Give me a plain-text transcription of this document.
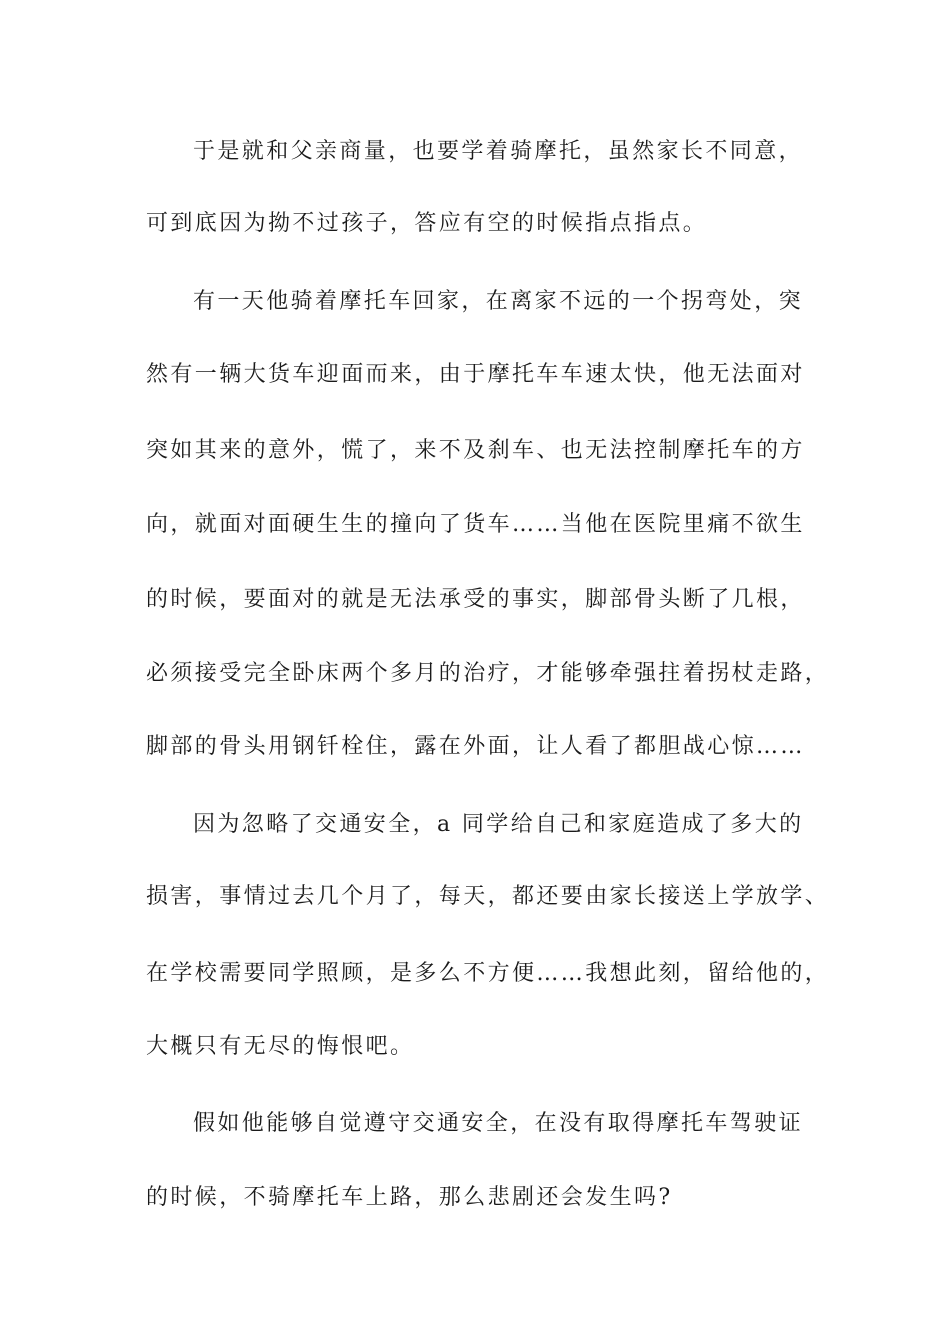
于是就和父亲商量，也要学着骑摩托，虽然家长不同意，
可到底因为拗不过孩子，答应有空的时候指点指点。
有一天他骑着摩托车回家，在离家不远的一个拐弯处，突
然有一辆大货车迎面而来，由于摩托车车速太快，他无法面对
突如其来的意外，慌了，来不及刹车、也无法控制摩托车的方
向，就面对面硬生生的撞向了货车……当他在医院里痛不欲生
的时候，要面对的就是无法承受的事实，脚部骨头断了几根，
必须接受完全卧床两个多月的治疗，才能够牵强拄着拐杖走路，
脚部的骨头用钢钎栓住，露在外面，让人看了都胆战心惊……
因为忽略了交通安全，a 同学给自己和家庭造成了多大的
损害，事情过去几个月了，每天，都还要由家长接送上学放学、
在学校需要同学照顾，是多么不方便……我想此刻，留给他的，
大概只有无尽的悔恨吧。
假如他能够自觉遵守交通安全，在没有取得摩托车驾驶证
的时候，不骑摩托车上路，那么悲剧还会发生吗?
